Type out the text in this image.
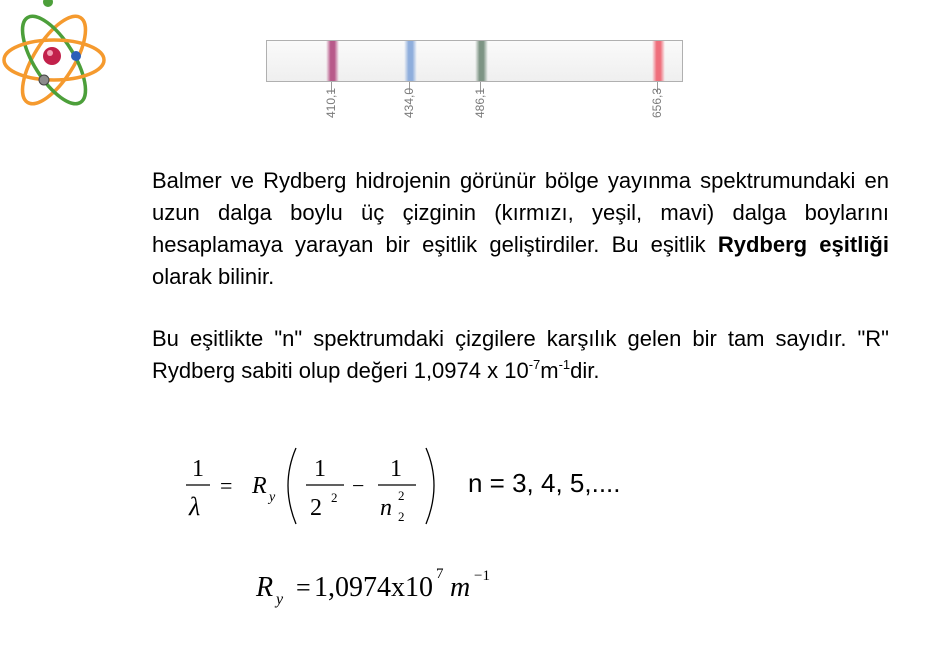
410,1	434,0	486,1	656,3

Balmer ve Rydberg hidrojenin görünür bölge yayınma spektrumundaki en uzun dalga boylu üç çizginin (kırmızı, yeşil, mavi) dalga boylarını hesaplamaya yarayan bir eşitlik geliştirdiler. Bu eşitlik Rydberg eşitliği olarak bilinir.

Bu eşitlikte "n" spektrumdaki çizgilere karşılık gelen bir tam sayıdır. "R" Rydberg sabiti olup değeri 1,0974 x $10^{-7}m^{-1}dir$.

1
λ
= R y
1
2 2 −
1
n 2
2
n = 3, 4, 5,....
R y = 1,0974x10 7 m −1
